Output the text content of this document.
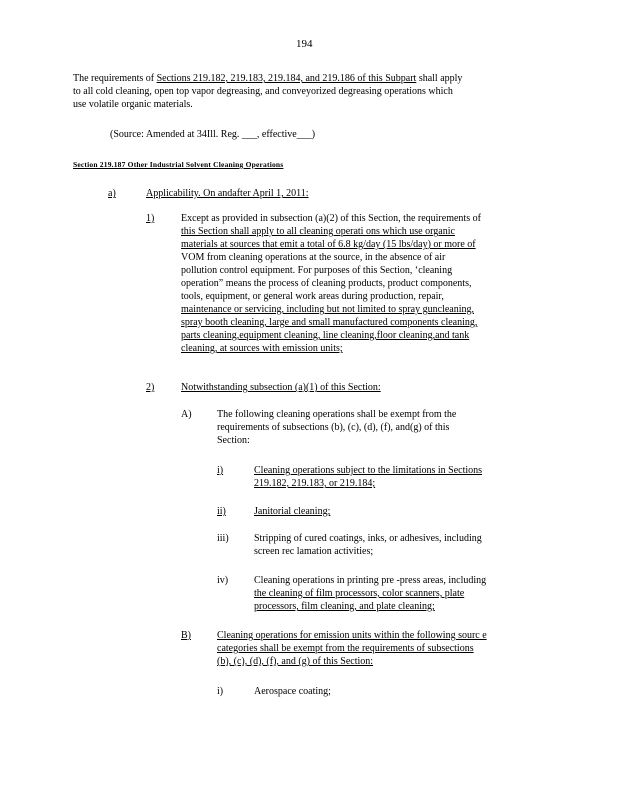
194
The requirements of Sections 219.182, 219.183, 219.184, and 219.186 of this Subpart shall apply
to all cold cleaning, open top vapor degreasing, and conveyorized degreasing operations which
use volatile organic materials.
(Source: Amended at 34Ill. Reg. ___, effective___)
Section 219.187 Other Industrial Solvent Cleaning Operations
a)	Applicability. On andafter April 1, 2011:
1)	Except as provided in subsection (a)(2) of this Section, the requirements of
this Section shall apply to all cleaning operati ons which use organic
materials at sources that emit a total of 6.8 kg/day (15 lbs/day) or more of
VOM from cleaning operations at the source, in the absence of air
pollution control equipment. For purposes of this Section, ‘cleaning
operation” means the process of cleaning products, product components,
tools, equipment, or general work areas during production, repair,
maintenance or servicing, including but not limited to spray guncleaning,
spray booth cleaning, large and small manufactured components cleaning,
parts cleaning,equipment cleaning, line cleaning,floor cleaning,and tank
cleaning, at sources with emission units;
2)	Notwithstanding subsection (a)(1) of this Section:
A)	The following cleaning operations shall be exempt from the
requirements of subsections (b), (c), (d), (f), and(g) of this
Section:
i)	Cleaning operations subject to the limitations in Sections
219.182, 219.183, or 219.184;
ii)	Janitorial cleaning;
iii)	Stripping of cured coatings, inks, or adhesives, including
screen rec lamation activities;
iv)	Cleaning operations in printing pre -press areas, including
the cleaning of film processors, color scanners, plate
processors, film cleaning, and plate cleaning;
B)	Cleaning operations for emission units within the following sourc e
categories shall be exempt from the requirements of subsections
(b), (c), (d), (f), and (g) of this Section:
i)	Aerospace coating;
